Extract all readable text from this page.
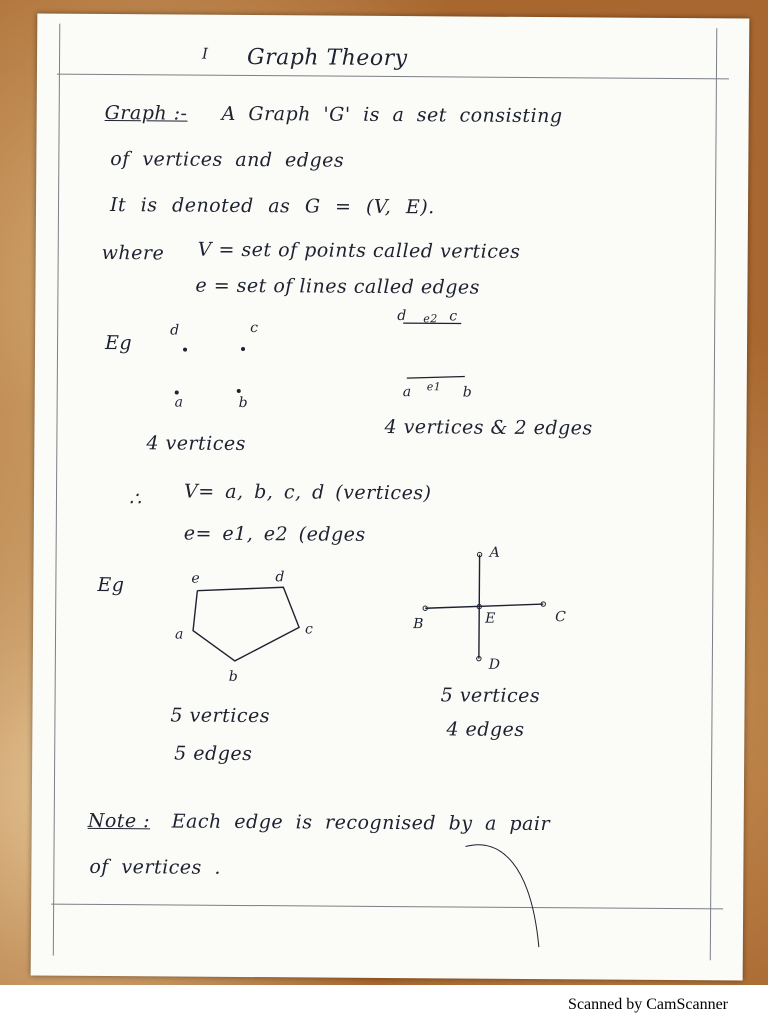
I Graph Theory
Graph :- A Graph 'G' is a set consisting
of vertices and edges
It is denoted as G = (V, E).
where V = set of points called vertices
e = set of lines called edges
Eg
d	c
a	b
4 vertices
d e2 c
a e1 b
4 vertices & 2 edges
∴ V= a, b, c, d (vertices)
e= e1, e2 (edges
Eg	e	d
a	c
b
5 vertices
5 edges
A
B	E	C
D
5 vertices
4 edges
Note : Each edge is recognised by a pair
of vertices .
Scanned by CamScanner
